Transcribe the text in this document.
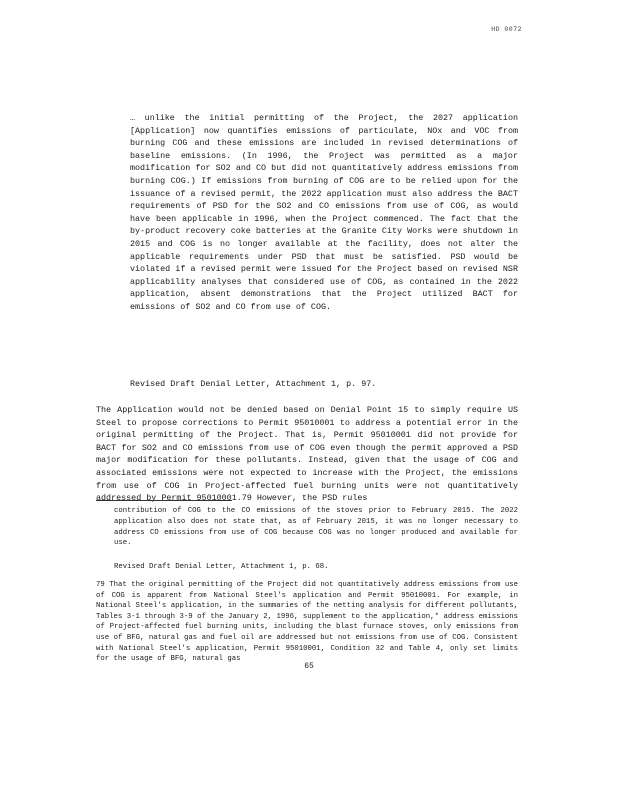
HD 0072

… unlike the initial permitting of the Project, the 2027 application [Application] now quantifies emissions of particulate, NOx and VOC from burning COG and these emissions are included in revised determinations of baseline emissions. (In 1996, the Project was permitted as a major modification for SO2 and CO but did not quantitatively address emissions from burning COG.) If emissions from burning of COG are to be relied upon for the issuance of a revised permit, the 2022 application must also address the BACT requirements of PSD for the SO2 and CO emissions from use of COG, as would have been applicable in 1996, when the Project commenced. The fact that the by-product recovery coke batteries at the Granite City Works were shutdown in 2015 and COG is no longer available at the facility, does not alter the applicable requirements under PSD that must be satisfied. PSD would be violated if a revised permit were issued for the Project based on revised NSR applicability analyses that considered use of COG, as contained in the 2022 application, absent demonstrations that the Project utilized BACT for emissions of SO2 and CO from use of COG.

Revised Draft Denial Letter, Attachment 1, p. 97.

The Application would not be denied based on Denial Point 15 to simply require US Steel to propose corrections to Permit 95010001 to address a potential error in the original permitting of the Project. That is, Permit 95010001 did not provide for BACT for SO2 and CO emissions from use of COG even though the permit approved a PSD major modification for these pollutants. Instead, given that the usage of COG and associated emissions were not expected to increase with the Project, the emissions from use of COG in Project-affected fuel burning units were not quantitatively addressed by Permit 95010001.79 However, the PSD rules

contribution of COG to the CO emissions of the stoves prior to February 2015. The 2022 application also does not state that, as of February 2015, it was no longer necessary to address CO emissions from use of COG because COG was no longer produced and available for use.

Revised Draft Denial Letter, Attachment 1, p. 68.

79 That the original permitting of the Project did not quantitatively address emissions from use of COG is apparent from National Steel's application and Permit 95010001. For example, in National Steel's application, in the summaries of the netting analysis for different pollutants, Tables 3-1 through 3-9 of the January 2, 1996, supplement to the application,* address emissions of Project-affected fuel burning units, including the blast furnace stoves, only emissions from use of BFG, natural gas and fuel oil are addressed but not emissions from use of COG. Consistent with National Steel's application, Permit 95010001, Condition 32 and Table 4, only set limits for the usage of BFG, natural gas

65
